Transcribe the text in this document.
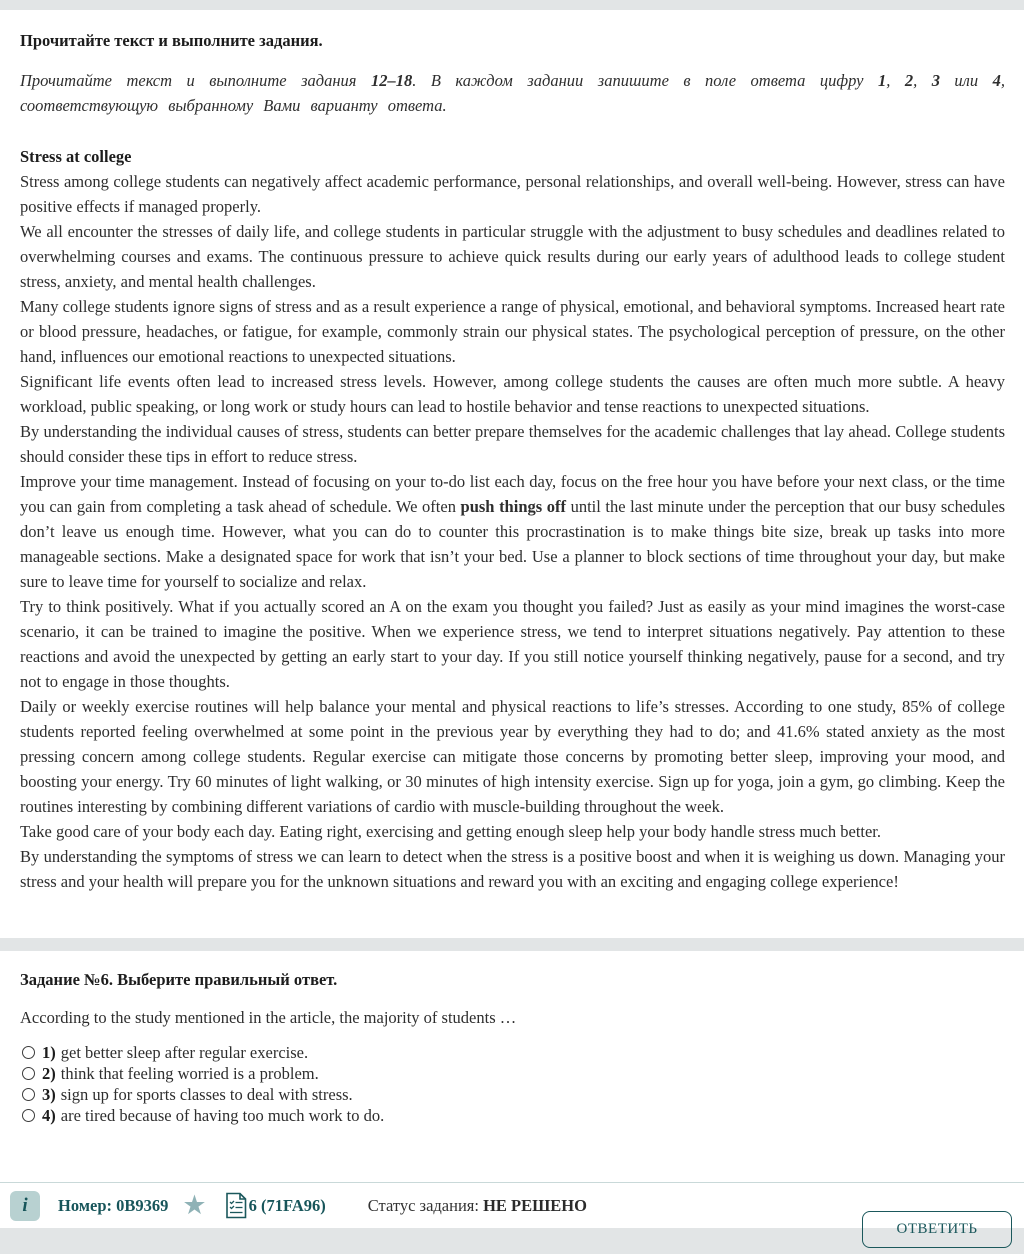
Прочитайте текст и выполните задания.

Прочитайте текст и выполните задания 12–18. В каждом задании запишите в поле ответа цифру 1, 2, 3 или 4, соответствующую выбранному Вами варианту ответа.

Stress at college

Stress among college students can negatively affect academic performance, personal relationships, and overall well-being. However, stress can have positive effects if managed properly.

We all encounter the stresses of daily life, and college students in particular struggle with the adjustment to busy schedules and deadlines related to overwhelming courses and exams. The continuous pressure to achieve quick results during our early years of adulthood leads to college student stress, anxiety, and mental health challenges.

Many college students ignore signs of stress and as a result experience a range of physical, emotional, and behavioral symptoms. Increased heart rate or blood pressure, headaches, or fatigue, for example, commonly strain our physical states. The psychological perception of pressure, on the other hand, influences our emotional reactions to unexpected situations.

Significant life events often lead to increased stress levels. However, among college students the causes are often much more subtle. A heavy workload, public speaking, or long work or study hours can lead to hostile behavior and tense reactions to unexpected situations.

By understanding the individual causes of stress, students can better prepare themselves for the academic challenges that lay ahead. College students should consider these tips in effort to reduce stress.

Improve your time management. Instead of focusing on your to-do list each day, focus on the free hour you have before your next class, or the time you can gain from completing a task ahead of schedule. We often push things off until the last minute under the perception that our busy schedules don’t leave us enough time. However, what you can do to counter this procrastination is to make things bite size, break up tasks into more manageable sections. Make a designated space for work that isn’t your bed. Use a planner to block sections of time throughout your day, but make sure to leave time for yourself to socialize and relax.

Try to think positively. What if you actually scored an A on the exam you thought you failed? Just as easily as your mind imagines the worst-case scenario, it can be trained to imagine the positive. When we experience stress, we tend to interpret situations negatively. Pay attention to these reactions and avoid the unexpected by getting an early start to your day. If you still notice yourself thinking negatively, pause for a second, and try not to engage in those thoughts.

Daily or weekly exercise routines will help balance your mental and physical reactions to life’s stresses. According to one study, 85% of college students reported feeling overwhelmed at some point in the previous year by everything they had to do; and 41.6% stated anxiety as the most pressing concern among college students. Regular exercise can mitigate those concerns by promoting better sleep, improving your mood, and boosting your energy. Try 60 minutes of light walking, or 30 minutes of high intensity exercise. Sign up for yoga, join a gym, go climbing. Keep the routines interesting by combining different variations of cardio with muscle-building throughout the week.

Take good care of your body each day. Eating right, exercising and getting enough sleep help your body handle stress much better.

By understanding the symptoms of stress we can learn to detect when the stress is a positive boost and when it is weighing us down. Managing your stress and your health will prepare you for the unknown situations and reward you with an exciting and engaging college experience!

Задание №6. Выберите правильный ответ.

According to the study mentioned in the article, the majority of students …

1) get better sleep after regular exercise.
2) think that feeling worried is a problem.
3) sign up for sports classes to deal with stress.
4) are tired because of having too much work to do.
i	Номер: 0B9369 ★	6 (71FA96)	Статус задания: НЕ РЕШЕНО
ОТВЕТИТЬ
